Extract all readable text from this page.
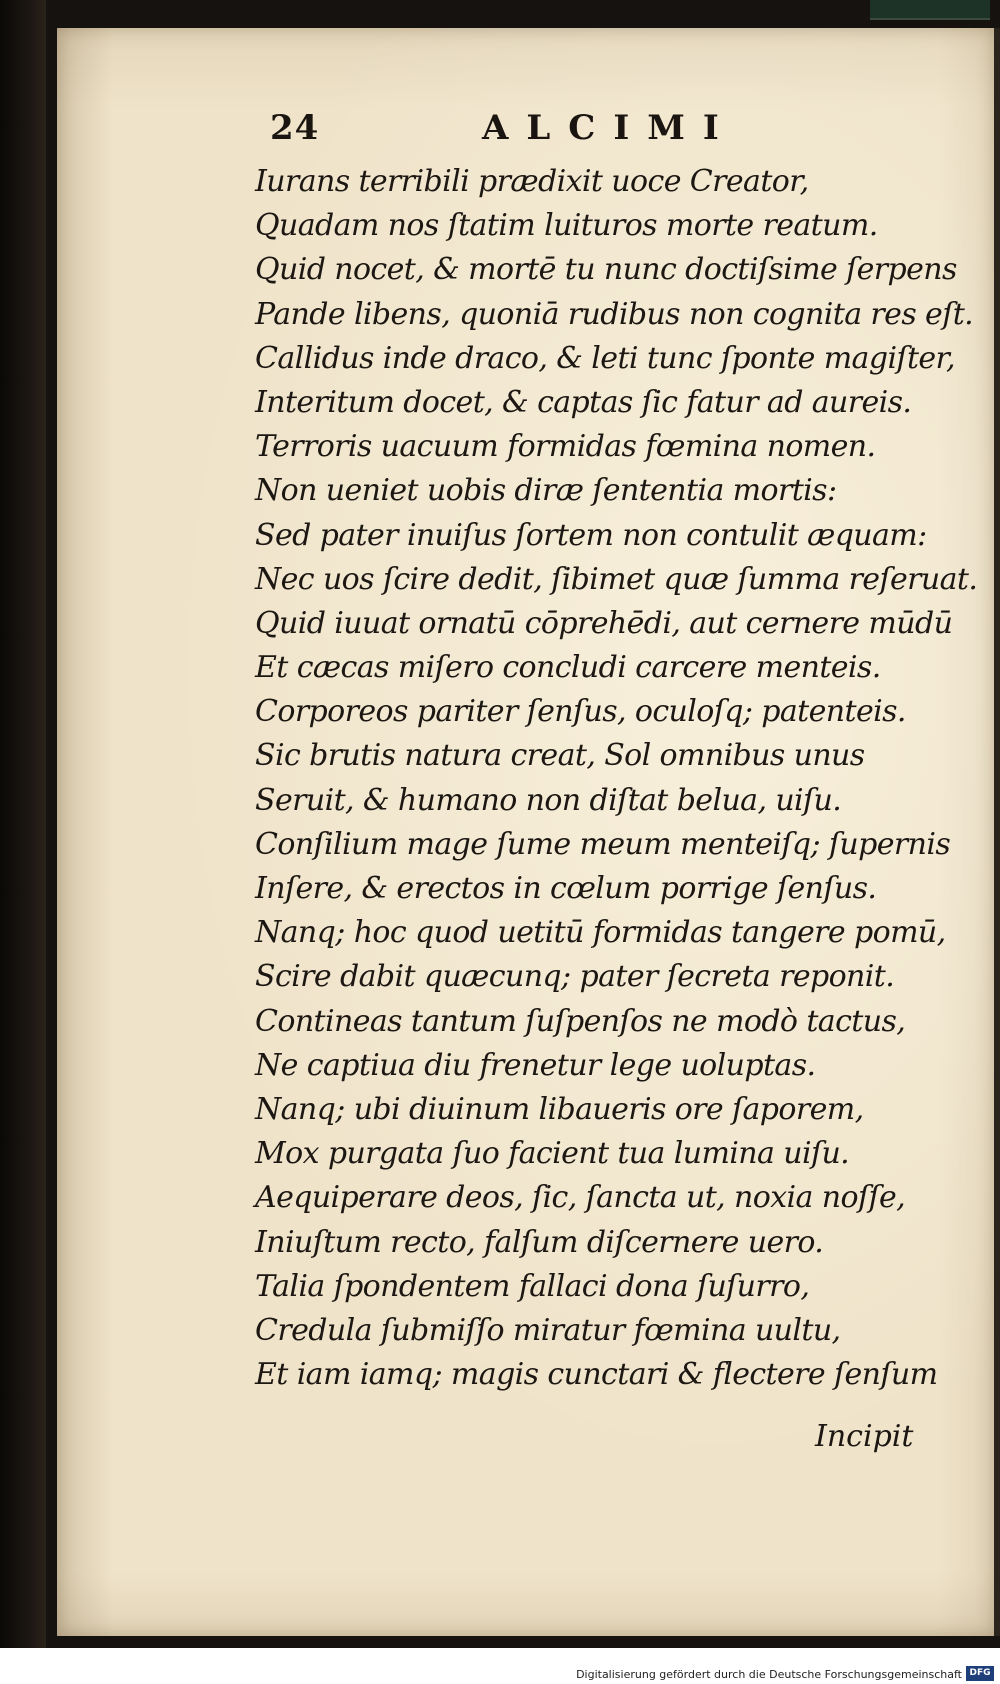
24	ALCIMI
Iurans terribili prædixit uoce Creator,
Quadam nos ſtatim luituros morte reatum.
Quid nocet, & mortē tu nunc doctiſsime ſerpens
Pande libens, quoniā rudibus non cognita res eſt.
Callidus inde draco, & leti tunc ſponte magiſter,
Interitum docet, & captas ſic fatur ad aureis.
Terroris uacuum formidas fœmina nomen.
Non ueniet uobis diræ ſententia mortis:
Sed pater inuiſus ſortem non contulit æquam:
Nec uos ſcire dedit, ſibimet quæ ſumma reſeruat.
Quid iuuat ornatū cōprehēdi, aut cernere mūdū
Et cæcas miſero concludi carcere menteis.
Corporeos pariter ſenſus, oculoſq; patenteis.
Sic brutis natura creat, Sol omnibus unus
Seruit, & humano non diſtat belua, uiſu.
Conſilium mage ſume meum menteiſq; ſupernis
Inſere, & erectos in cœlum porrige ſenſus.
Nanq; hoc quod uetitū formidas tangere pomū,
Scire dabit quæcunq; pater ſecreta reponit.
Contineas tantum ſuſpenſos ne modò tactus,
Ne captiua diu frenetur lege uoluptas.
Nanq; ubi diuinum libaueris ore ſaporem,
Mox purgata ſuo facient tua lumina uiſu.
Aequiperare deos, ſic, ſancta ut, noxia noſſe,
Iniuſtum recto, falſum diſcernere uero.
Talia ſpondentem fallaci dona ſuſurro,
Credula ſubmiſſo miratur fœmina uultu,
Et iam iamq; magis cunctari & flectere ſenſum
Incipit
Digitalisierung gefördert durch die Deutsche Forschungsgemeinschaft DFG
